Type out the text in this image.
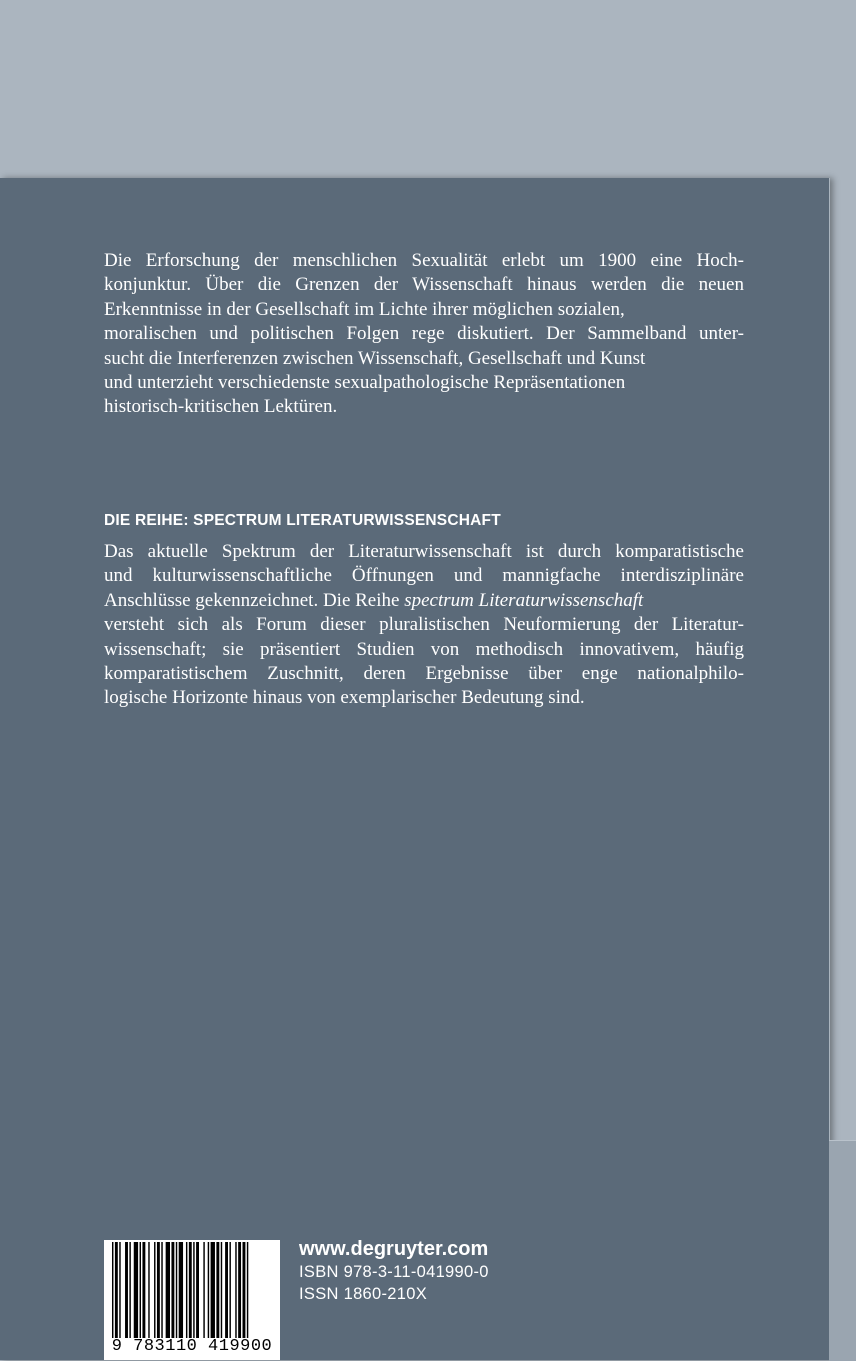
Die Erforschung der menschlichen Sexualität erlebt um 1900 eine Hoch-
konjunktur. Über die Grenzen der Wissenschaft hinaus werden die neuen
Erkenntnisse in der Gesellschaft im Lichte ihrer möglichen sozialen,
moralischen und politischen Folgen rege diskutiert. Der Sammelband unter-
sucht die Interferenzen zwischen Wissenschaft, Gesellschaft und Kunst
und unterzieht verschiedenste sexualpathologische Repräsentationen
historisch-kritischen Lektüren.

DIE REIHE: SPECTRUM LITERATURWISSENSCHAFT

Das aktuelle Spektrum der Literaturwissenschaft ist durch komparatistische
und kulturwissenschaftliche Öffnungen und mannigfache interdisziplinäre
Anschlüsse gekennzeichnet. Die Reihe spectrum Literaturwissenschaft
versteht sich als Forum dieser pluralistischen Neuformierung der Literatur-
wissenschaft; sie präsentiert Studien von methodisch innovativem, häufig
komparatistischem Zuschnitt, deren Ergebnisse über enge nationalphilo-
logische Horizonte hinaus von exemplarischer Bedeutung sind.

9 783110 419900
www.degruyter.com
ISBN 978-3-11-041990-0
ISSN 1860-210X
